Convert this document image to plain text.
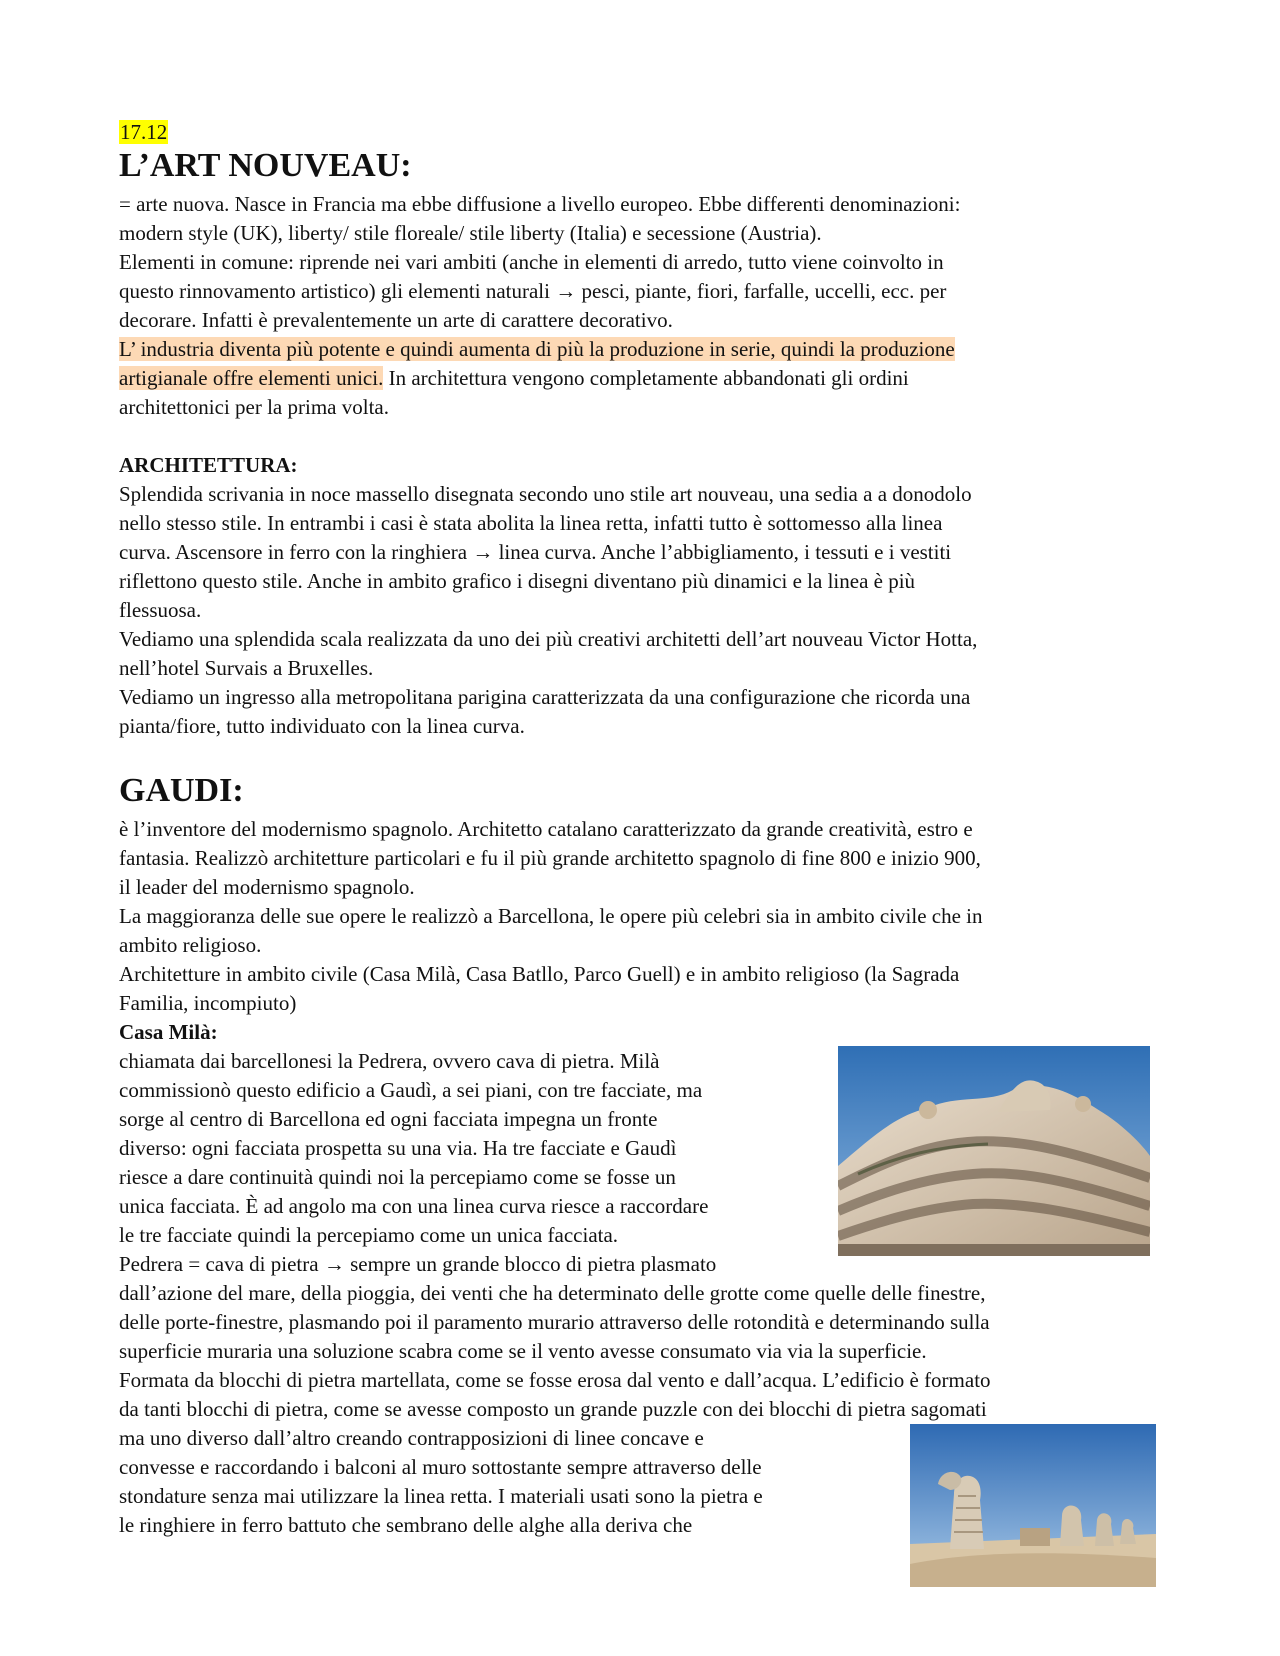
17.12
L’ART NOUVEAU:
= arte nuova. Nasce in Francia ma ebbe diffusione a livello europeo. Ebbe differenti denominazioni:
modern style (UK), liberty/ stile floreale/ stile liberty (Italia) e secessione (Austria).
Elementi in comune: riprende nei vari ambiti (anche in elementi di arredo, tutto viene coinvolto in
questo rinnovamento artistico) gli elementi naturali → pesci, piante, fiori, farfalle, uccelli, ecc. per
decorare. Infatti è prevalentemente un arte di carattere decorativo.
L’ industria diventa più potente e quindi aumenta di più la produzione in serie, quindi la produzione
artigianale offre elementi unici. In architettura vengono completamente abbandonati gli ordini
architettonici per la prima volta.
ARCHITETTURA:
Splendida scrivania in noce massello disegnata secondo uno stile art nouveau, una sedia a a donodolo
nello stesso stile. In entrambi i casi è stata abolita la linea retta, infatti tutto è sottomesso alla linea
curva. Ascensore in ferro con la ringhiera → linea curva. Anche l’abbigliamento, i tessuti e i vestiti
riflettono questo stile. Anche in ambito grafico i disegni diventano più dinamici e la linea è più
flessuosa.
Vediamo una splendida scala realizzata da uno dei più creativi architetti dell’art nouveau Victor Hotta,
nell’hotel Survais a Bruxelles.
Vediamo un ingresso alla metropolitana parigina caratterizzata da una configurazione che ricorda una
pianta/fiore, tutto individuato con la linea curva.
GAUDI:
è l’inventore del modernismo spagnolo. Architetto catalano caratterizzato da grande creatività, estro e
fantasia. Realizzò architetture particolari e fu il più grande architetto spagnolo di fine 800 e inizio 900,
il leader del modernismo spagnolo.
La maggioranza delle sue opere le realizzò a Barcellona, le opere più celebri sia in ambito civile che in
ambito religioso.
Architetture in ambito civile (Casa Milà, Casa Batllo, Parco Guell) e in ambito religioso (la Sagrada
Familia, incompiuto)
Casa Milà:
chiamata dai barcellonesi la Pedrera, ovvero cava di pietra. Milà
commissionò questo edificio a Gaudì, a sei piani, con tre facciate, ma
sorge al centro di Barcellona ed ogni facciata impegna un fronte
diverso: ogni facciata prospetta su una via. Ha tre facciate e Gaudì
riesce a dare continuità quindi noi la percepiamo come se fosse un
unica facciata. È ad angolo ma con una linea curva riesce a raccordare
le tre facciate quindi la percepiamo come un unica facciata.
Pedrera = cava di pietra → sempre un grande blocco di pietra plasmato
dall’azione del mare, della pioggia, dei venti che ha determinato delle grotte come quelle delle finestre,
delle porte-finestre, plasmando poi il paramento murario attraverso delle rotondità e determinando sulla
superficie muraria una soluzione scabra come se il vento avesse consumato via via la superficie.
Formata da blocchi di pietra martellata, come se fosse erosa dal vento e dall’acqua. L’edificio è formato
da tanti blocchi di pietra, come se avesse composto un grande puzzle con dei blocchi di pietra sagomati
ma uno diverso dall’altro creando contrapposizioni di linee concave e
convesse e raccordando i balconi al muro sottostante sempre attraverso delle
stondature senza mai utilizzare la linea retta. I materiali usati sono la pietra e
le ringhiere in ferro battuto che sembrano delle alghe alla deriva che
